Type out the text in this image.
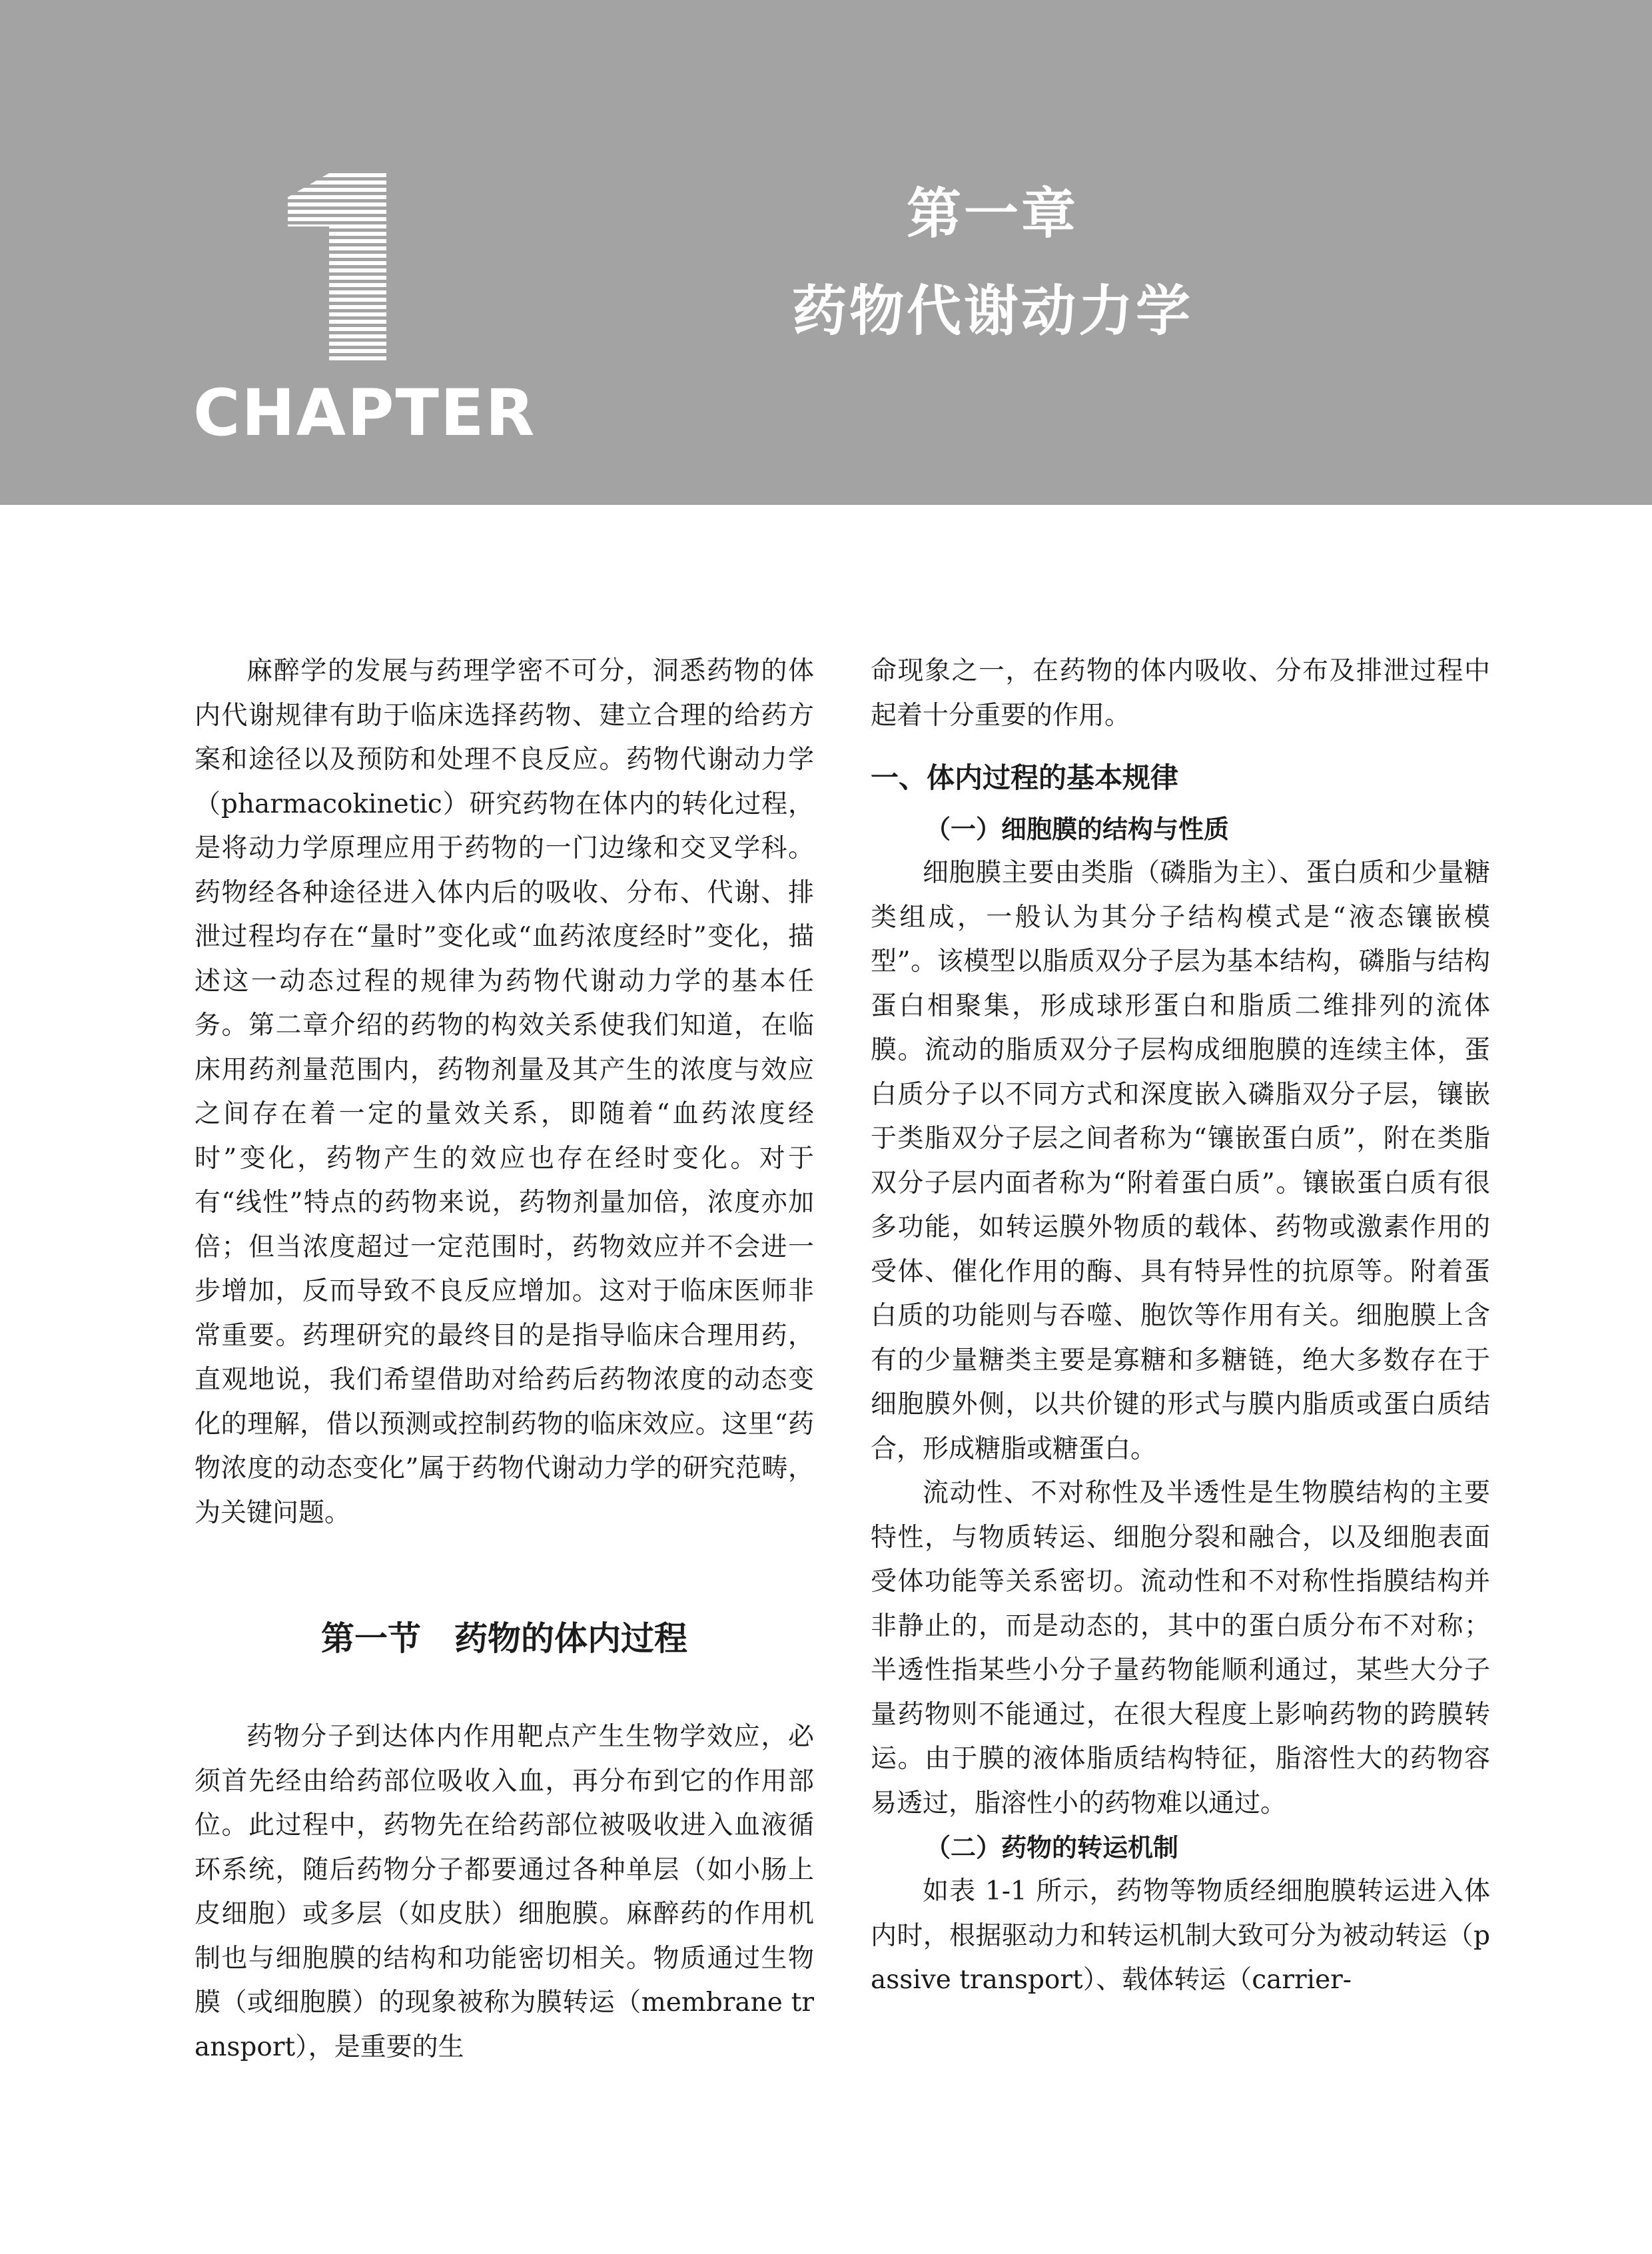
CHAPTER
第一章
药物代谢动力学

麻醉学的发展与药理学密不可分，洞悉药物的体内代谢规律有助于临床选择药物、建立合理的给药方案和途径以及预防和处理不良反应。药物代谢动力学（pharmacokinetic）研究药物在体内的转化过程，是将动力学原理应用于药物的一门边缘和交叉学科。药物经各种途径进入体内后的吸收、分布、代谢、排泄过程均存在“量时”变化或“血药浓度经时”变化，描述这一动态过程的规律为药物代谢动力学的基本任务。第二章介绍的药物的构效关系使我们知道，在临床用药剂量范围内，药物剂量及其产生的浓度与效应之间存在着一定的量效关系，即随着“血药浓度经时”变化，药物产生的效应也存在经时变化。对于有“线性”特点的药物来说，药物剂量加倍，浓度亦加倍；但当浓度超过一定范围时，药物效应并不会进一步增加，反而导致不良反应增加。这对于临床医师非常重要。药理研究的最终目的是指导临床合理用药，直观地说，我们希望借助对给药后药物浓度的动态变化的理解，借以预测或控制药物的临床效应。这里“药物浓度的动态变化”属于药物代谢动力学的研究范畴，为关键问题。

第一节　药物的体内过程

药物分子到达体内作用靶点产生生物学效应，必须首先经由给药部位吸收入血，再分布到它的作用部位。此过程中，药物先在给药部位被吸收进入血液循环系统，随后药物分子都要通过各种单层（如小肠上皮细胞）或多层（如皮肤）细胞膜。麻醉药的作用机制也与细胞膜的结构和功能密切相关。物质通过生物膜（或细胞膜）的现象被称为膜转运（membrane transport），是重要的生

命现象之一，在药物的体内吸收、分布及排泄过程中起着十分重要的作用。

一、体内过程的基本规律
（一）细胞膜的结构与性质

细胞膜主要由类脂（磷脂为主）、蛋白质和少量糖类组成，一般认为其分子结构模式是“液态镶嵌模型”。该模型以脂质双分子层为基本结构，磷脂与结构蛋白相聚集，形成球形蛋白和脂质二维排列的流体膜。流动的脂质双分子层构成细胞膜的连续主体，蛋白质分子以不同方式和深度嵌入磷脂双分子层，镶嵌于类脂双分子层之间者称为“镶嵌蛋白质”，附在类脂双分子层内面者称为“附着蛋白质”。镶嵌蛋白质有很多功能，如转运膜外物质的载体、药物或激素作用的受体、催化作用的酶、具有特异性的抗原等。附着蛋白质的功能则与吞噬、胞饮等作用有关。细胞膜上含有的少量糖类主要是寡糖和多糖链，绝大多数存在于细胞膜外侧，以共价键的形式与膜内脂质或蛋白质结合，形成糖脂或糖蛋白。

流动性、不对称性及半透性是生物膜结构的主要特性，与物质转运、细胞分裂和融合，以及细胞表面受体功能等关系密切。流动性和不对称性指膜结构并非静止的，而是动态的，其中的蛋白质分布不对称；半透性指某些小分子量药物能顺利通过，某些大分子量药物则不能通过，在很大程度上影响药物的跨膜转运。由于膜的液体脂质结构特征，脂溶性大的药物容易透过，脂溶性小的药物难以通过。

（二）药物的转运机制

如表 1-1 所示，药物等物质经细胞膜转运进入体内时，根据驱动力和转运机制大致可分为被动转运（passive transport）、载体转运（carrier-
